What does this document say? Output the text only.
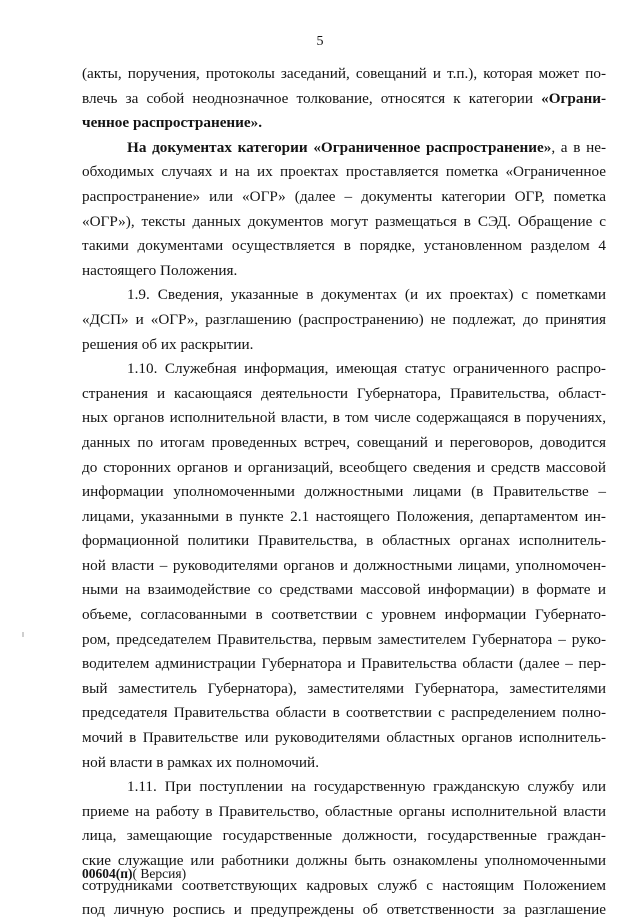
5
(акты, поручения, протоколы заседаний, совещаний и т.п.), которая может по-
влечь за собой неоднозначное толкование, относятся к категории «Ограни-
ченное распространение».
На документах категории «Ограниченное распространение», а в не-
обходимых случаях и на их проектах проставляется пометка «Ограниченное
распространение» или «ОГР» (далее – документы категории ОГР, пометка
«ОГР»), тексты данных документов могут размещаться в СЭД. Обращение с
такими документами осуществляется в порядке, установленном разделом 4
настоящего Положения.
1.9. Сведения, указанные в документах (и их проектах) с пометками
«ДСП» и «ОГР», разглашению (распространению) не подлежат, до принятия
решения об их раскрытии.
1.10. Служебная информация, имеющая статус ограниченного распро-
странения и касающаяся деятельности Губернатора, Правительства, област-
ных органов исполнительной власти, в том числе содержащаяся в поручениях,
данных по итогам проведенных встреч, совещаний и переговоров, доводится
до сторонних органов и организаций, всеобщего сведения и средств массовой
информации уполномоченными должностными лицами (в Правительстве –
лицами, указанными в пункте 2.1 настоящего Положения, департаментом ин-
формационной политики Правительства, в областных органах исполнитель-
ной власти – руководителями органов и должностными лицами, уполномочен-
ными на взаимодействие со средствами массовой информации) в формате и
объеме, согласованными в соответствии с уровнем информации Губернато-
ром, председателем Правительства, первым заместителем Губернатора – руко-
водителем администрации Губернатора и Правительства области (далее – пер-
вый заместитель Губернатора), заместителями Губернатора, заместителями
председателя Правительства области в соответствии с распределением полно-
мочий в Правительстве или руководителями областных органов исполнитель-
ной власти в рамках их полномочий.
1.11. При поступлении на государственную гражданскую службу или
приеме на работу в Правительство, областные органы исполнительной власти
лица, замещающие государственные должности, государственные граждан-
ские служащие или работники должны быть ознакомлены уполномоченными
сотрудниками соответствующих кадровых служб с настоящим Положением
под личную роспись и предупреждены об ответственности за разглашение
00604(п)( Версия)
